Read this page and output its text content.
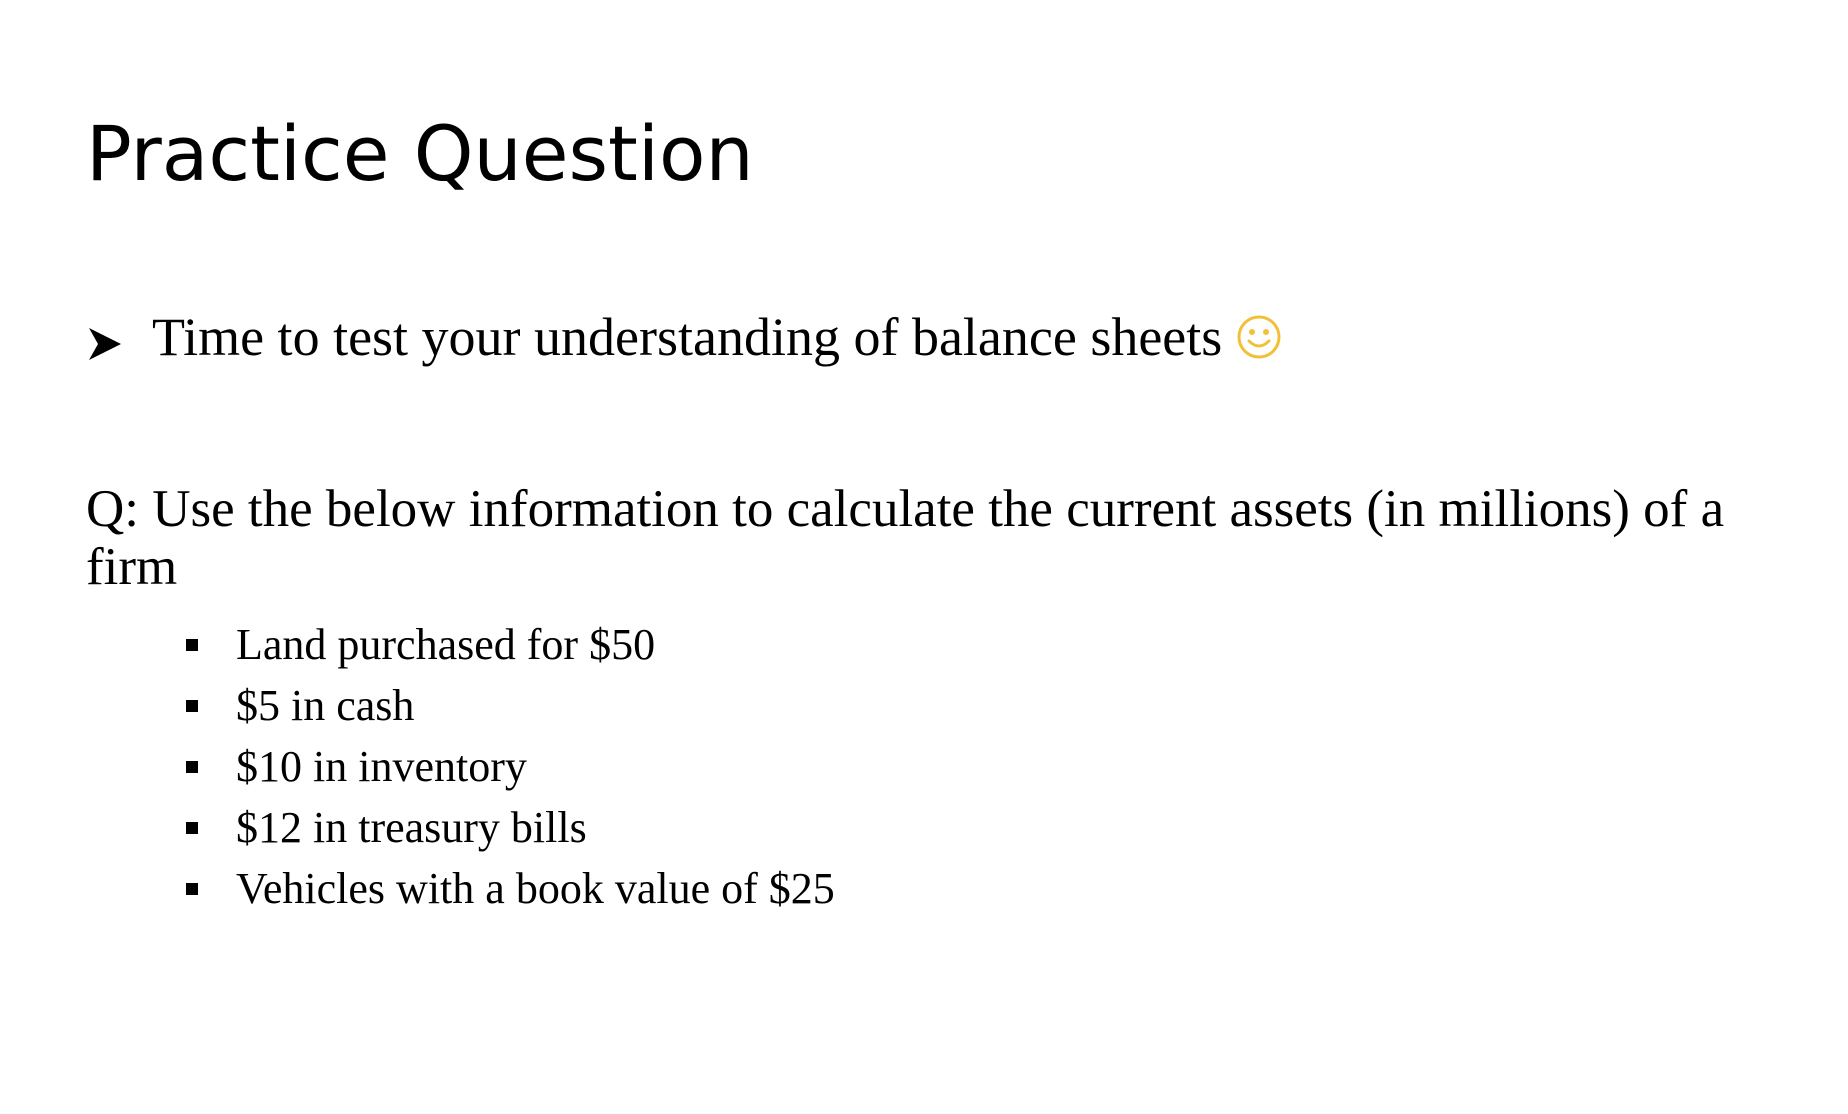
Practice Question
Time to test your understanding of balance sheets

Q: Use the below information to calculate the current assets (in millions) of a firm

Land purchased for $50
$5 in cash
$10 in inventory
$12 in treasury bills
Vehicles with a book value of $25
